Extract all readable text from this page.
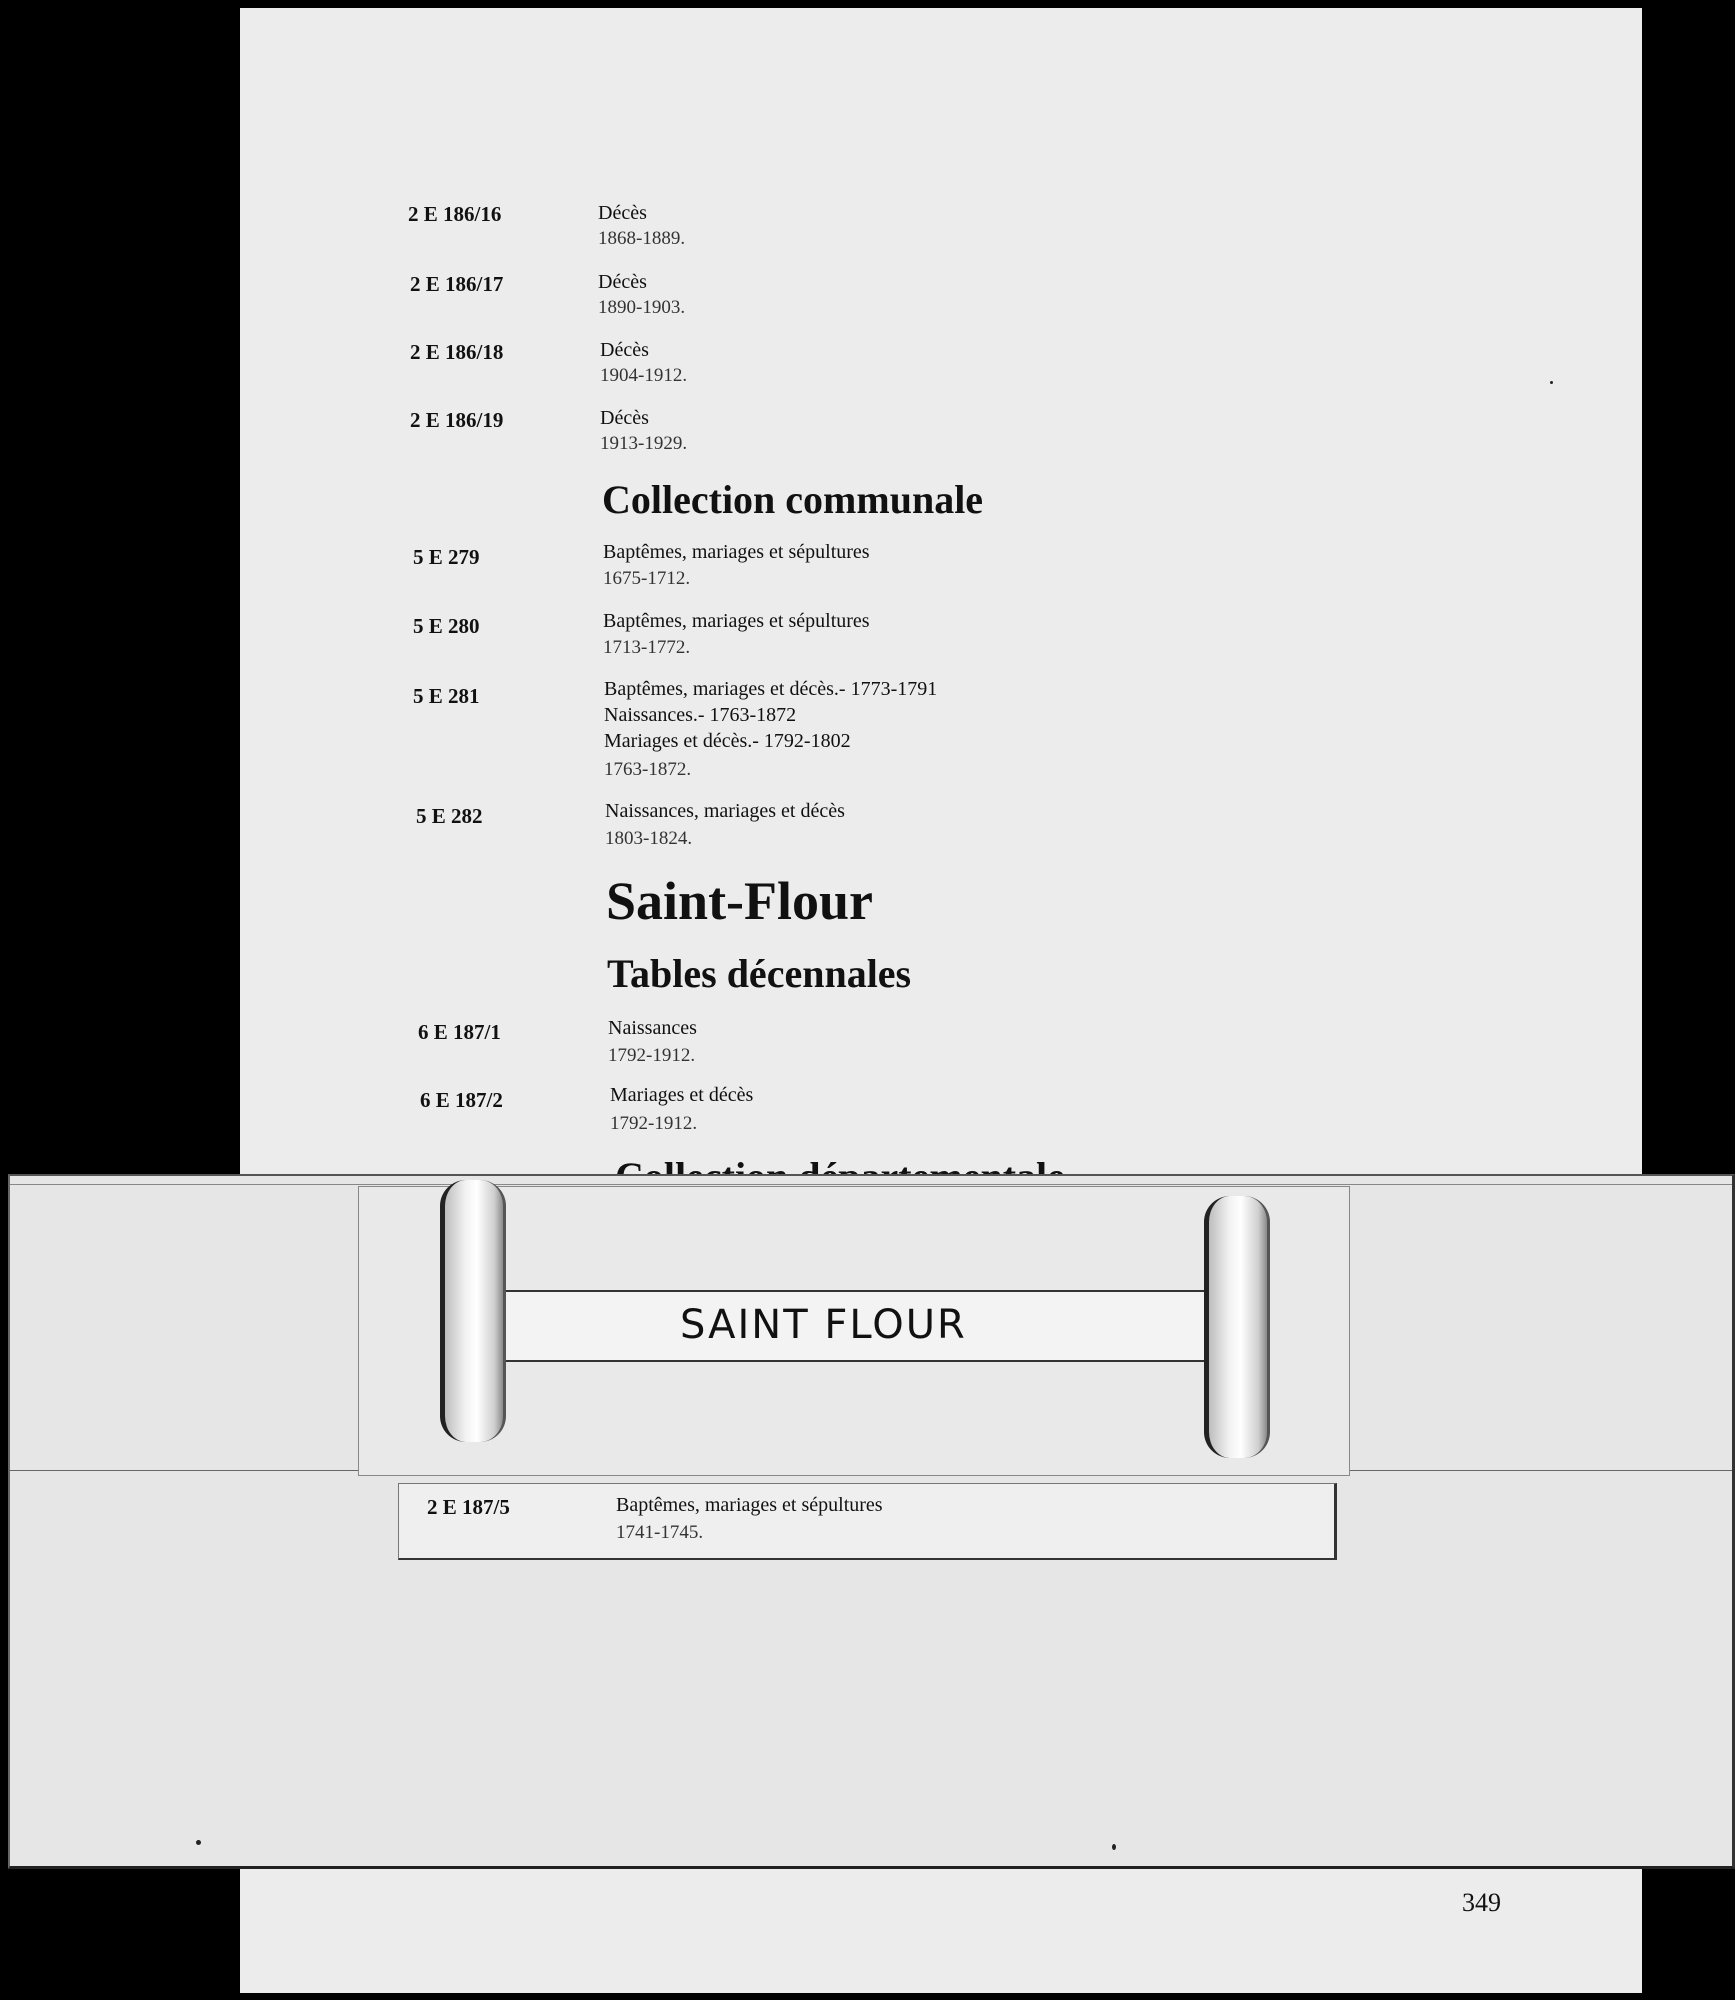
2 E 186/16	Décès
1868-1889.
2 E 186/17	Décès
1890-1903.
2 E 186/18	Décès
1904-1912.
2 E 186/19	Décès
1913-1929.
Collection communale
5 E 279	Baptêmes, mariages et sépultures
1675-1712.
5 E 280	Baptêmes, mariages et sépultures
1713-1772.
5 E 281	Baptêmes, mariages et décès.- 1773-1791
Naissances.- 1763-1872
Mariages et décès.- 1792-1802
1763-1872.
5 E 282	Naissances, mariages et décès
1803-1824.
Saint-Flour
Tables décennales
6 E 187/1	Naissances
1792-1912.
6 E 187/2	Mariages et décès
1792-1912.
SAINT FLOUR
2 E 187/5	Baptêmes, mariages et sépultures
1741-1745.
349
